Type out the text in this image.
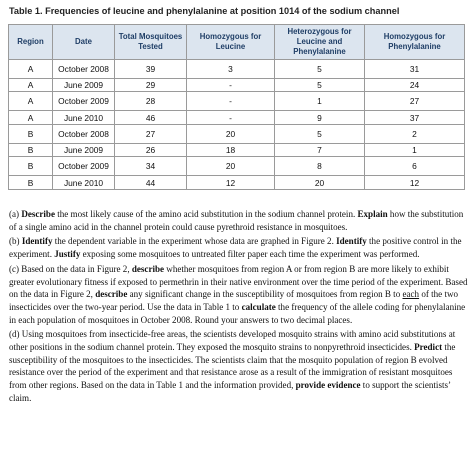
Table 1. Frequencies of leucine and phenylalanine at position 1014 of the sodium channel
Region	Date	Total Mosquitoes Tested	Homozygous for Leucine	Heterozygous for Leucine and Phenylalanine	Homozygous for Phenylalanine
A	October 2008	39	3	5	31
A	June 2009	29	-	5	24
A	October 2009	28	-	1	27
A	June 2010	46	-	9	37
B	October 2008	27	20	5	2
B	June 2009	26	18	7	1
B	October 2009	34	20	8	6
B	June 2010	44	12	20	12

(a) Describe the most likely cause of the amino acid substitution in the sodium channel protein. Explain how the substitution of a single amino acid in the channel protein could cause pyrethroid resistance in mosquitoes.

(b) Identify the dependent variable in the experiment whose data are graphed in Figure 2. Identify the positive control in the experiment. Justify exposing some mosquitoes to untreated filter paper each time the experiment was performed.

(c) Based on the data in Figure 2, describe whether mosquitoes from region A or from region B are more likely to exhibit greater evolutionary fitness if exposed to permethrin in their native environment over the time period of the experiment. Based on the data in Figure 2, describe any significant change in the susceptibility of mosquitoes from region B to each of the two insecticides over the two-year period. Use the data in Table 1 to calculate the frequency of the allele coding for phenylalanine in each population of mosquitoes in October 2008. Round your answers to two decimal places.

(d) Using mosquitoes from insecticide-free areas, the scientists developed mosquito strains with amino acid substitutions at other positions in the sodium channel protein. They exposed the mosquito strains to nonpyrethroid insecticides. Predict the susceptibility of the mosquitoes to the insecticides. The scientists claim that the mosquito population of region B evolved resistance over the period of the experiment and that resistance arose as a result of the immigration of resistant mosquitoes from other regions. Based on the data in Table 1 and the information provided, provide evidence to support the scientists’ claim.
